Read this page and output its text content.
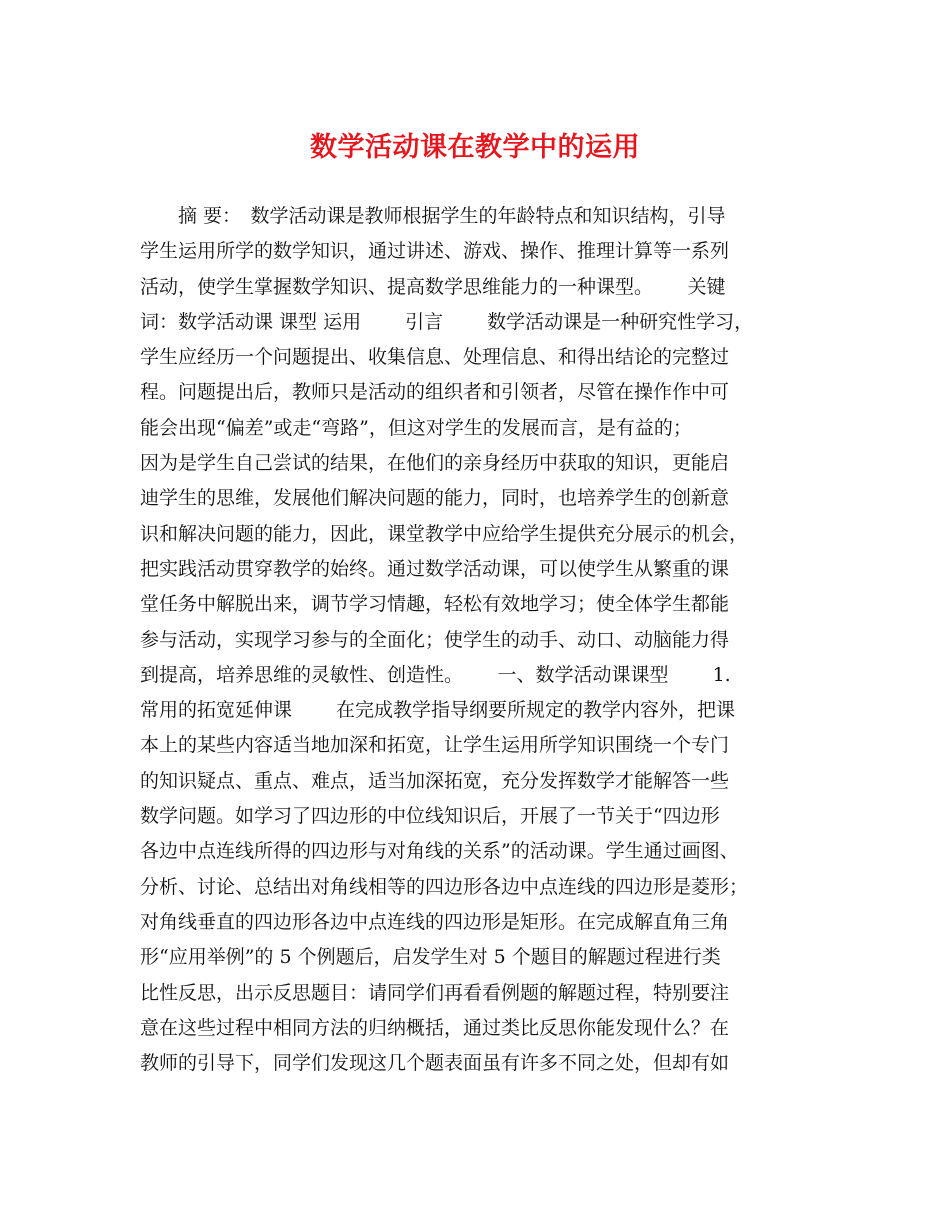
数学活动课在教学中的运用
　　摘 要：　数学活动课是教师根据学生的年龄特点和知识结构，引导
学生运用所学的数学知识，通过讲述、游戏、操作、推理计算等一系列
活动，使学生掌握数学知识、提高数学思维能力的一种课型。　　 关键
词：数学活动课 课型 运用　　 引言　　 数学活动课是一种研究性学习，
学生应经历一个问题提出、收集信息、处理信息、和得出结论的完整过
程。问题提出后，教师只是活动的组织者和引领者，尽管在操作作中可
能会出现“偏差”或走“弯路”，但这对学生的发展而言，是有益的；
因为是学生自己尝试的结果，在他们的亲身经历中获取的知识，更能启
迪学生的思维，发展他们解决问题的能力，同时，也培养学生的创新意
识和解决问题的能力，因此，课堂教学中应给学生提供充分展示的机会，
把实践活动贯穿教学的始终。通过数学活动课，可以使学生从繁重的课
堂任务中解脱出来，调节学习情趣，轻松有效地学习；使全体学生都能
参与活动，实现学习参与的全面化；使学生的动手、动口、动脑能力得
到提高，培养思维的灵敏性、创造性。　　 一、数学活动课课型　　 1.
常用的拓宽延伸课　　 在完成教学指导纲要所规定的教学内容外，把课
本上的某些内容适当地加深和拓宽，让学生运用所学知识围绕一个专门
的知识疑点、重点、难点，适当加深拓宽，充分发挥数学才能解答一些
数学问题。如学习了四边形的中位线知识后，开展了一节关于“四边形
各边中点连线所得的四边形与对角线的关系”的活动课。学生通过画图、
分析、讨论、总结出对角线相等的四边形各边中点连线的四边形是菱形；
对角线垂直的四边形各边中点连线的四边形是矩形。在完成解直角三角
形“应用举例”的 5 个例题后，启发学生对 5 个题目的解题过程进行类
比性反思，出示反思题目：请同学们再看看例题的解题过程，特别要注
意在这些过程中相同方法的归纳概括，通过类比反思你能发现什么？在
教师的引导下，同学们发现这几个题表面虽有许多不同之处，但却有如
